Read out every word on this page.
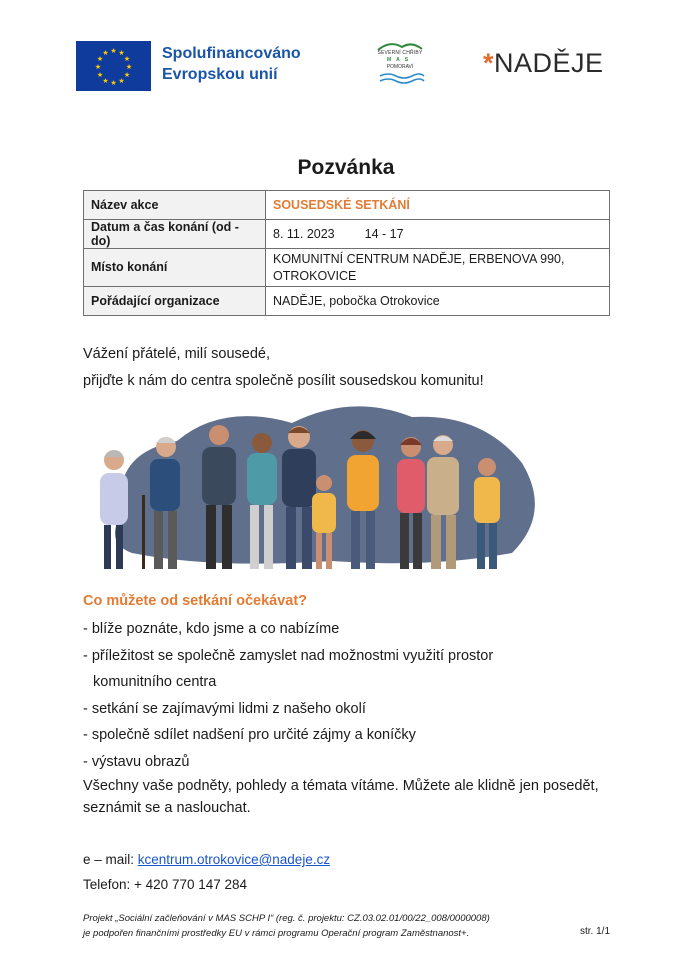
★ ★
★
★
★
★
★
★
★
★
★
★	Spolufinancováno
Evropskou unií
SEVERNÍ CHŘIBY
MAS
POMORAVÍ	*NADĚJE
Pozvánka
Název akce	SOUSEDSKÉ SETKÁNÍ
Datum a čas konání (od - do)	8. 11. 2023 14 - 17
Místo konání	KOMUNITNÍ CENTRUM NADĚJE, ERBENOVA 990,
OTROKOVICE

Pořádající organizace	NADĚJE, pobočka Otrokovice
Vážení přátelé, milí sousedé,
přijďte k nám do centra společně posílit sousedskou komunitu!
Co můžete od setkání očekávat?

- blíže poznáte, kdo jsme a co nabízíme

- příležitost se společně zamyslet nad možnostmi využití prostor

komunitního centra

- setkání se zajímavými lidmi z našeho okolí

- společně sdílet nadšení pro určité zájmy a koníčky

- výstavu obrazů

Všechny vaše podněty, pohledy a témata vítáme. Můžete ale klidně jen posedět,
seznámit se a naslouchat.
e – mail: kcentrum.otrokovice@nadeje.cz
Telefon: + 420 770 147 284
Projekt „Sociální začleňování v MAS SCHP I“ (reg. č. projektu: CZ.03.02.01/00/22_008/0000008)
je podpořen finančními prostředky EU v rámci programu Operační program Zaměstnanost+.	str. 1/1
